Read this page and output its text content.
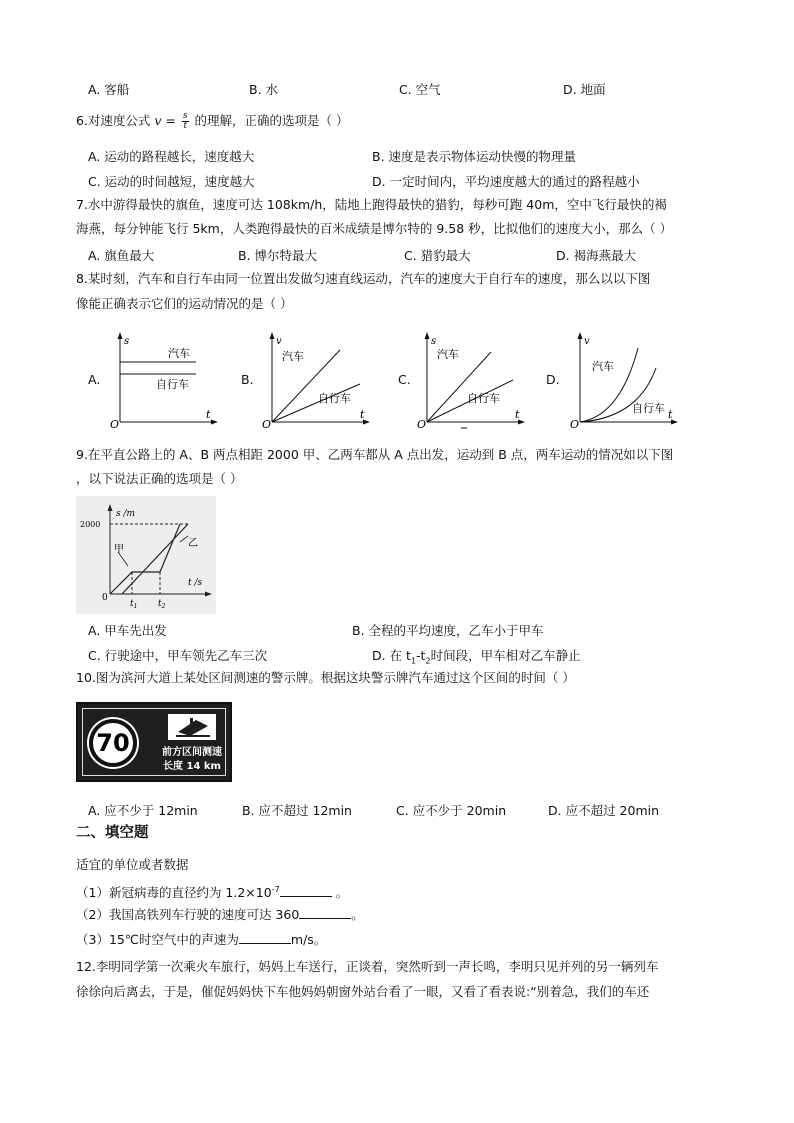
A. 客船	B. 水	C. 空气	D. 地面
6.对速度公式 $v = \frac{s}{t}$ 的理解，正确的选项是（ ）
A. 运动的路程越长，速度越大	B. 速度是表示物体运动快慢的物理量
C. 运动的时间越短，速度越大	D. 一定时间内，平均速度越大的通过的路程越小
7.水中游得最快的旗鱼，速度可达 108km/h，陆地上跑得最快的猎豹，每秒可跑 40m，空中飞行最快的褐
海燕，每分钟能飞行 5km，人类跑得最快的百米成绩是博尔特的 9.58 秒，比拟他们的速度大小，那么（ ）
A. 旗鱼最大	B. 博尔特最大	C. 猎豹最大	D. 褐海燕最大
8.某时刻，汽车和自行车由同一位置出发做匀速直线运动，汽车的速度大于自行车的速度，那么以以下图
像能正确表示它们的运动情况的是（ ）
A.
s
O
t
汽车
自行车	B.
v
O
t
汽车
自行车
C.
s
O
t
汽车
自行车
D.
v
O
t
汽车
自行车
9.在平直公路上的 A、B 两点相距 2000 甲、乙两车都从 A 点出发，运动到 B 点，两车运动的情况如以下图
，以下说法正确的选项是（ ）
s /m
2000
t /s
0
$t_1$ $t_2$
甲
乙
A. 甲车先出发	B. 全程的平均速度，乙车小于甲车
C. 行驶途中，甲车领先乙车三次	D. 在 $t_1-t_2$时间段，甲车相对乙车静止
10.图为滨河大道上某处区间测速的警示牌。根据这块警示牌汽车通过这个区间的时间（ ）
70	前方区间测速
长度 14 km
A. 应不少于 12min	B. 应不超过 12min	C. 应不少于 20min	D. 应不超过 20min
二、填空题
适宜的单位或者数据
（1）新冠病毒的直径约为 $1.2\times 10^{-7}$	。
（2）我国高铁列车行驶的速度可达 360	。
（3）15℃时空气中的声速为	m/s。
12.李明同学第一次乘火车旅行，妈妈上车送行，正谈着，突然听到一声长鸣，李明只见并列的另一辆列车
徐徐向后离去，于是，催促妈妈快下车他妈妈朝窗外站台看了一眼，又看了看表说:“别着急，我们的车还
